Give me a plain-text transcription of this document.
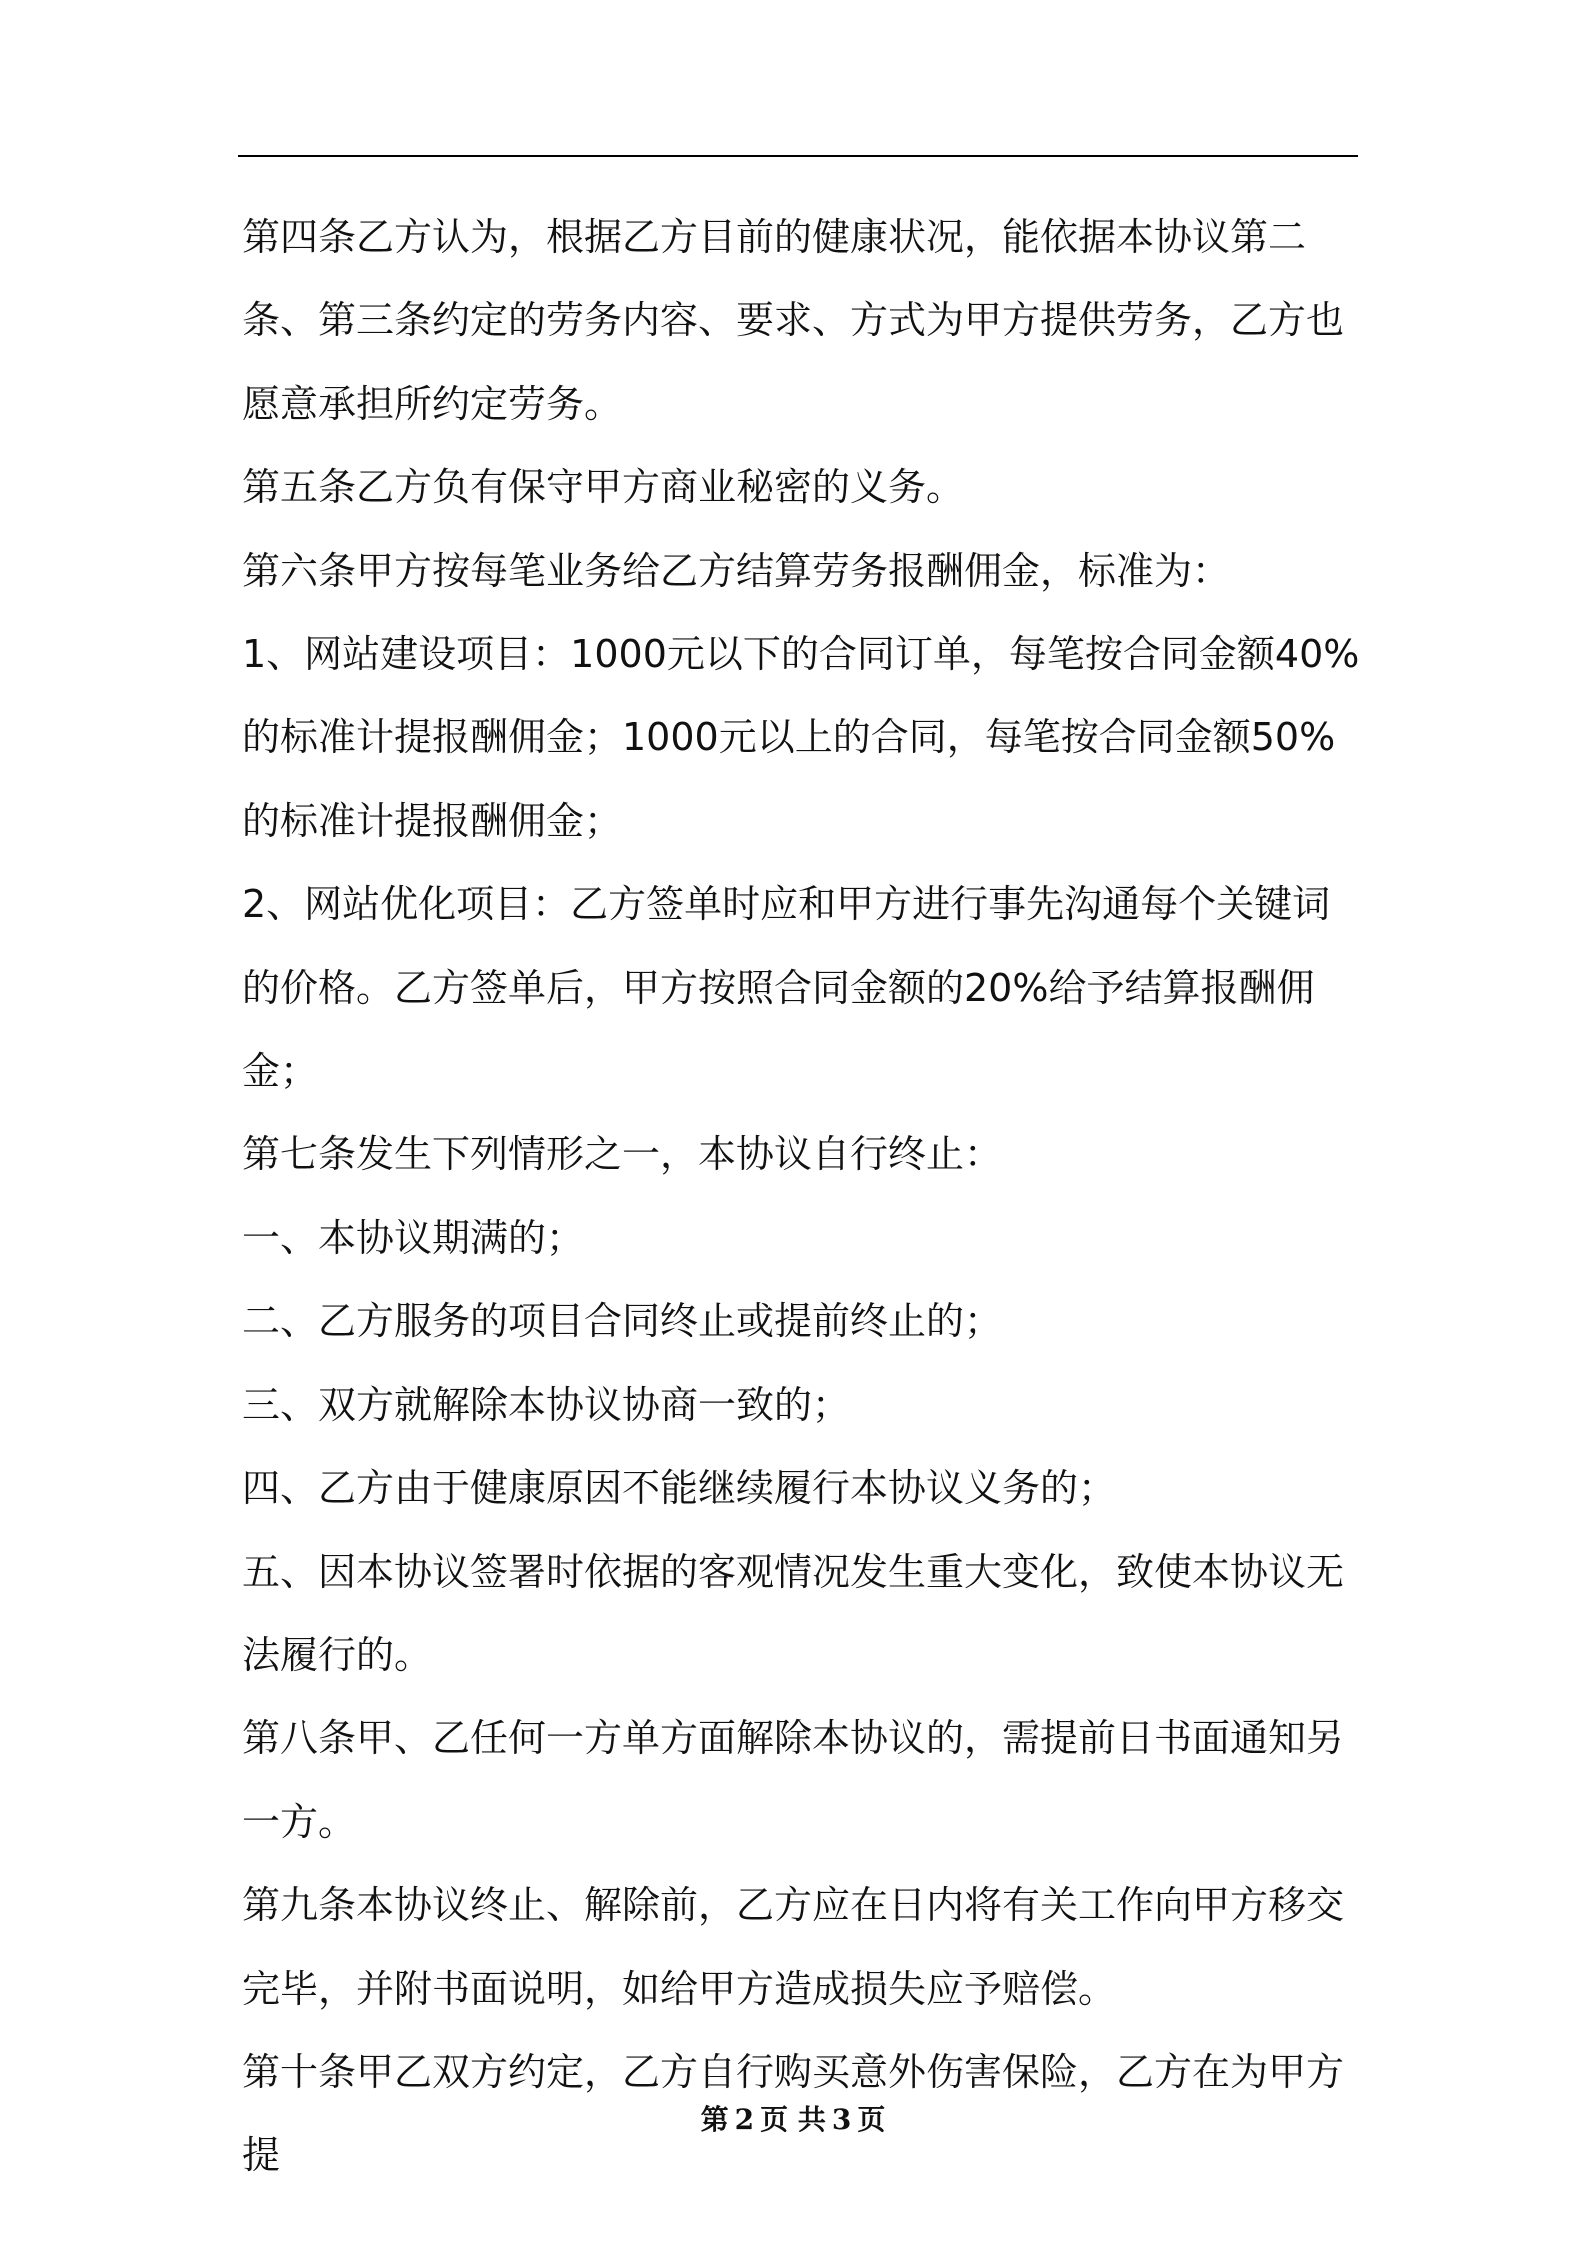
第四条乙方认为，根据乙方目前的健康状况，能依据本协议第二条、第三条约定的劳务内容、要求、方式为甲方提供劳务，乙方也愿意承担所约定劳务。

第五条乙方负有保守甲方商业秘密的义务。

第六条甲方按每笔业务给乙方结算劳务报酬佣金，标准为：

1、网站建设项目：1000元以下的合同订单，每笔按合同金额40%的标准计提报酬佣金；1000元以上的合同，每笔按合同金额50%的标准计提报酬佣金；

2、网站优化项目：乙方签单时应和甲方进行事先沟通每个关键词的价格。乙方签单后，甲方按照合同金额的20%给予结算报酬佣金；

第七条发生下列情形之一，本协议自行终止：

一、本协议期满的；

二、乙方服务的项目合同终止或提前终止的；

三、双方就解除本协议协商一致的；

四、乙方由于健康原因不能继续履行本协议义务的；

五、因本协议签署时依据的客观情况发生重大变化，致使本协议无法履行的。

第八条甲、乙任何一方单方面解除本协议的，需提前日书面通知另一方。

第九条本协议终止、解除前，乙方应在日内将有关工作向甲方移交完毕，并附书面说明，如给甲方造成损失应予赔偿。

第十条甲乙双方约定，乙方自行购买意外伤害保险，乙方在为甲方提

第 2 页 共 3 页
